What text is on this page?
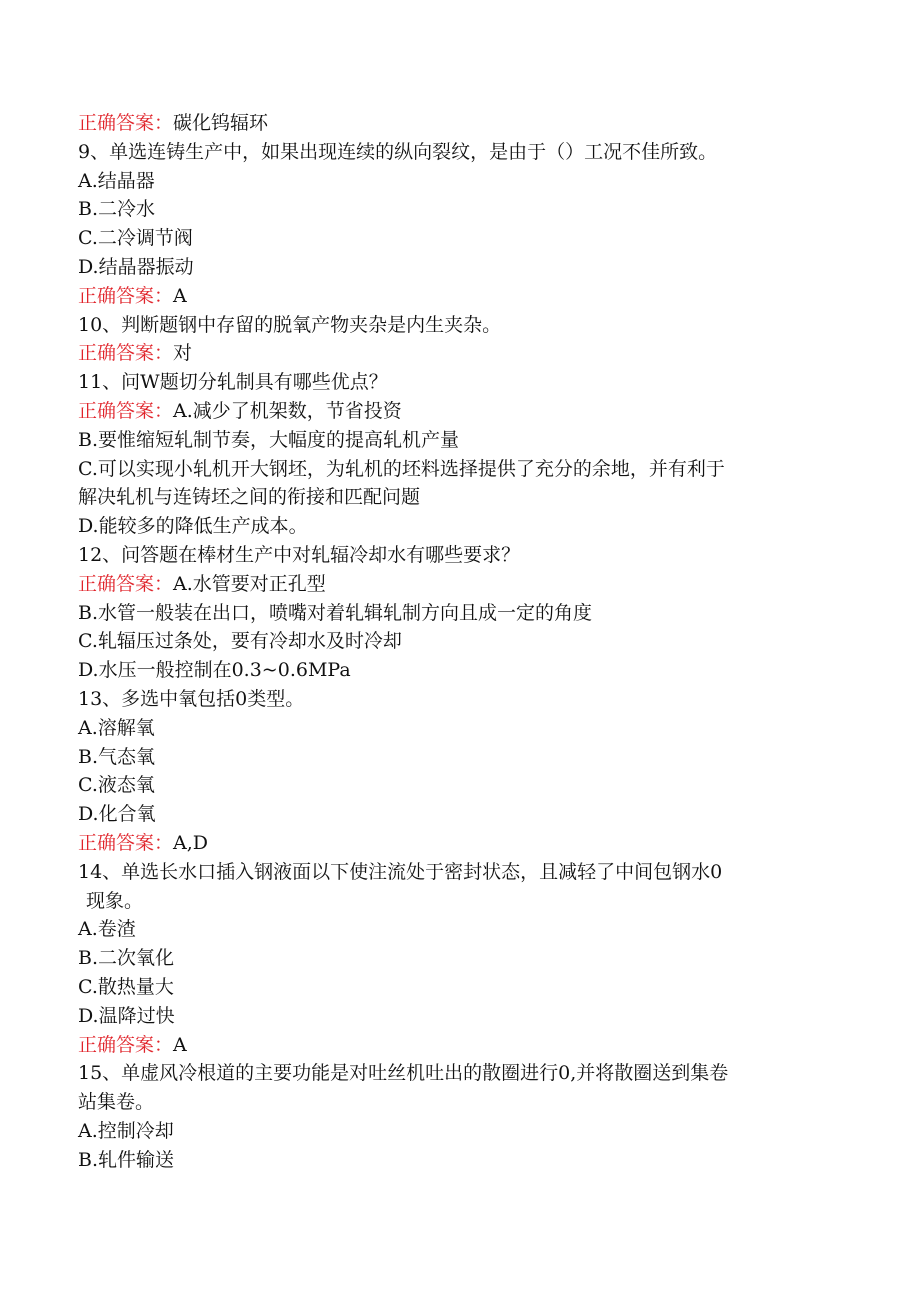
正确答案：碳化钨辐环

9、单选连铸生产中，如果出现连续的纵向裂纹，是由于（）工况不佳所致。

A.结晶器

B.二冷水

C.二冷调节阀

D.结晶器振动

正确答案：A

10、判断题钢中存留的脱氧产物夹杂是内生夹杂。

正确答案：对

11、问W题切分轧制具有哪些优点？

正确答案：A.减少了机架数，节省投资

B.要惟缩短轧制节奏，大幅度的提高轧机产量

C.可以实现小轧机开大钢坯，为轧机的坯料选择提供了充分的余地，并有利于

解决轧机与连铸坯之间的衔接和匹配问题

D.能较多的降低生产成本。

12、问答题在棒材生产中对轧辐冷却水有哪些要求？

正确答案：A.水管要对正孔型

B.水管一般装在出口，喷嘴对着轧辑轧制方向且成一定的角度

C.轧辐压过条处，要有冷却水及时冷却

D.水压一般控制在0.3~0.6MPa

13、多选中氧包括0类型。

A.溶解氧

B.气态氧

C.液态氧

D.化合氧

正确答案：A,D

14、单选长水口插入钢液面以下使注流处于密封状态，且减轻了中间包钢水0

现象。

A.卷渣

B.二次氧化

C.散热量大

D.温降过快

正确答案：A

15、单虚风冷根道的主要功能是对吐丝机吐出的散圈进行0,并将散圈送到集卷

站集卷。

A.控制冷却

B.轧件输送
